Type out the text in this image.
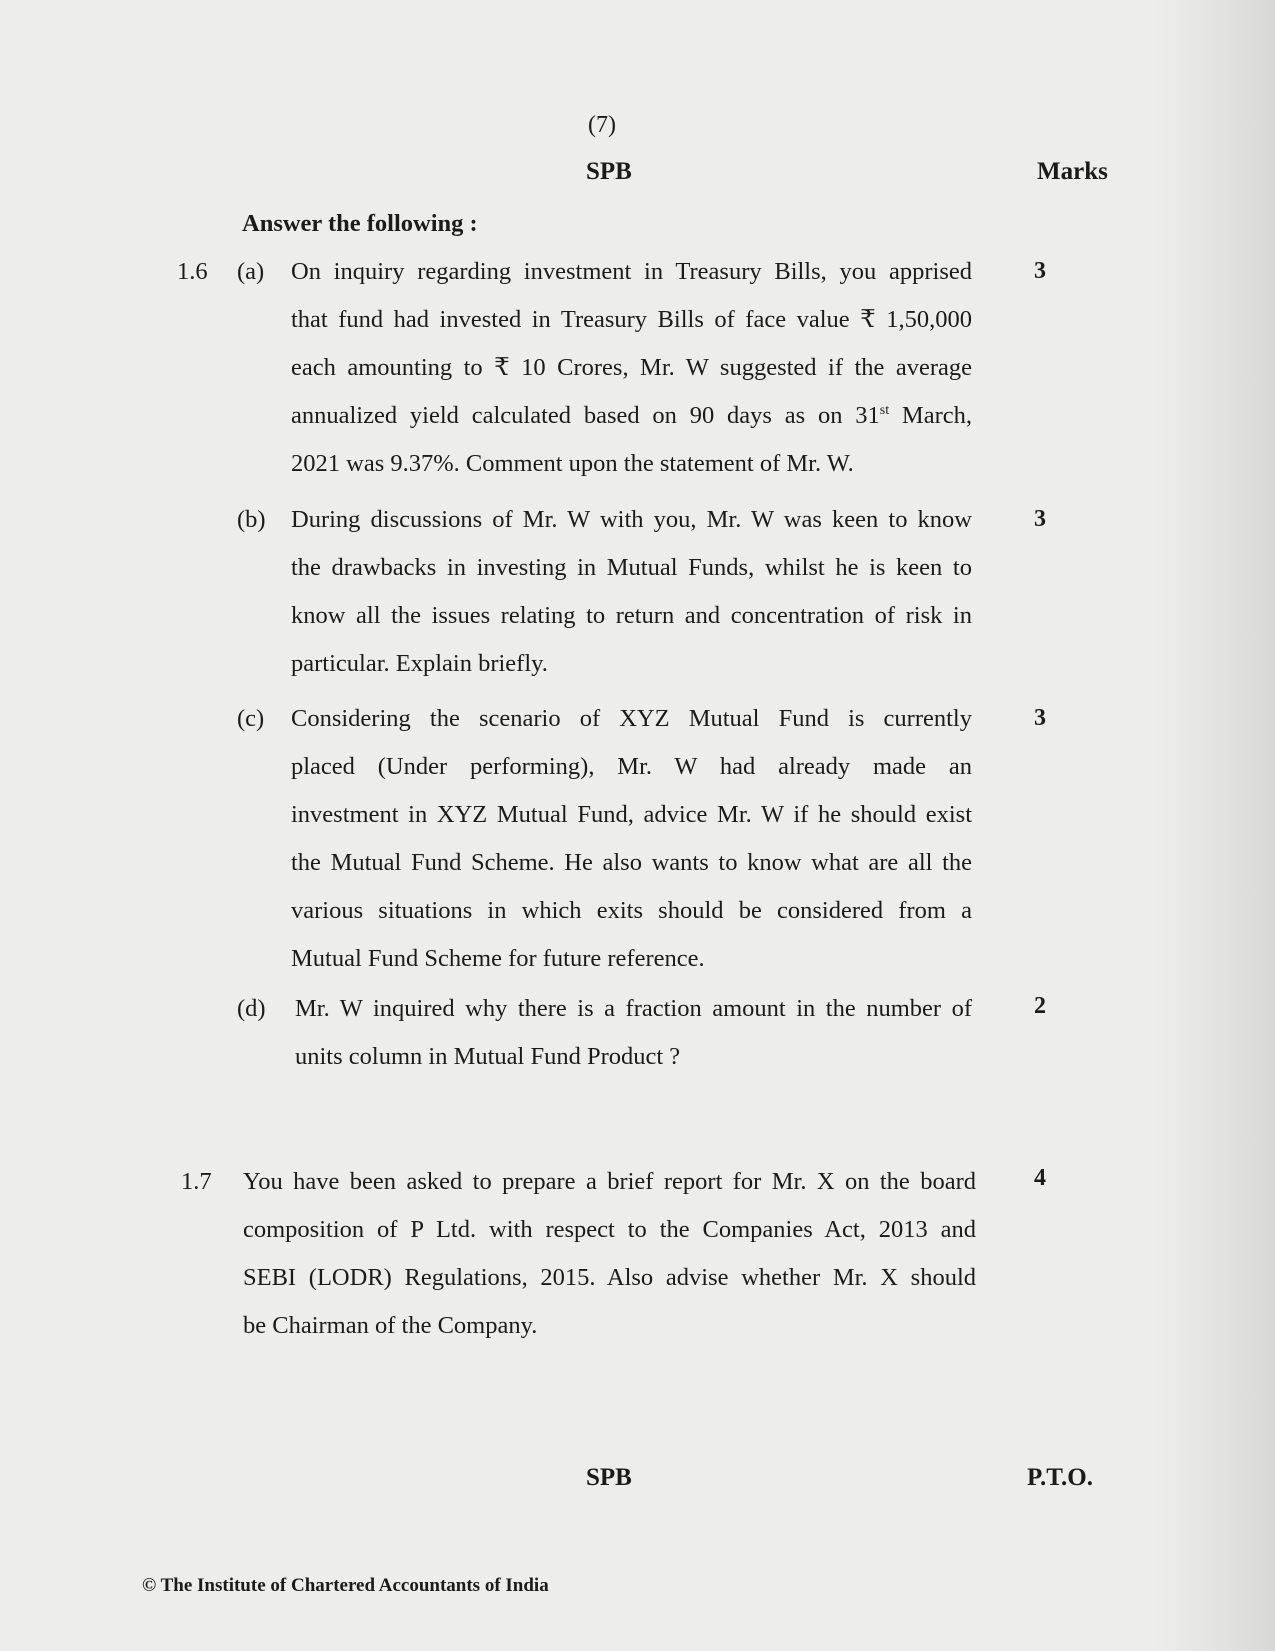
(7)
SPB	Marks
Answer the following :
1.6 (a) On inquiry regarding investment in Treasury Bills, you apprised
that fund had invested in Treasury Bills of face value ₹ 1,50,000
each amounting to ₹ 10 Crores, Mr. W suggested if the average
annualized yield calculated based on 90 days as on 31st March,
2021 was 9.37%. Comment upon the statement of Mr. W.
3
(b) During discussions of Mr. W with you, Mr. W was keen to know
the drawbacks in investing in Mutual Funds, whilst he is keen to
know all the issues relating to return and concentration of risk in
particular. Explain briefly.
3
(c) Considering the scenario of XYZ Mutual Fund is currently
placed (Under performing), Mr. W had already made an
investment in XYZ Mutual Fund, advice Mr. W if he should exist
the Mutual Fund Scheme. He also wants to know what are all the
various situations in which exits should be considered from a
Mutual Fund Scheme for future reference.
3
(d) Mr. W inquired why there is a fraction amount in the number of
units column in Mutual Fund Product ?
2
1.7 You have been asked to prepare a brief report for Mr. X on the board
composition of P Ltd. with respect to the Companies Act, 2013 and
SEBI (LODR) Regulations, 2015. Also advise whether Mr. X should
be Chairman of the Company.
4
SPB	P.T.O.
© The Institute of Chartered Accountants of India
